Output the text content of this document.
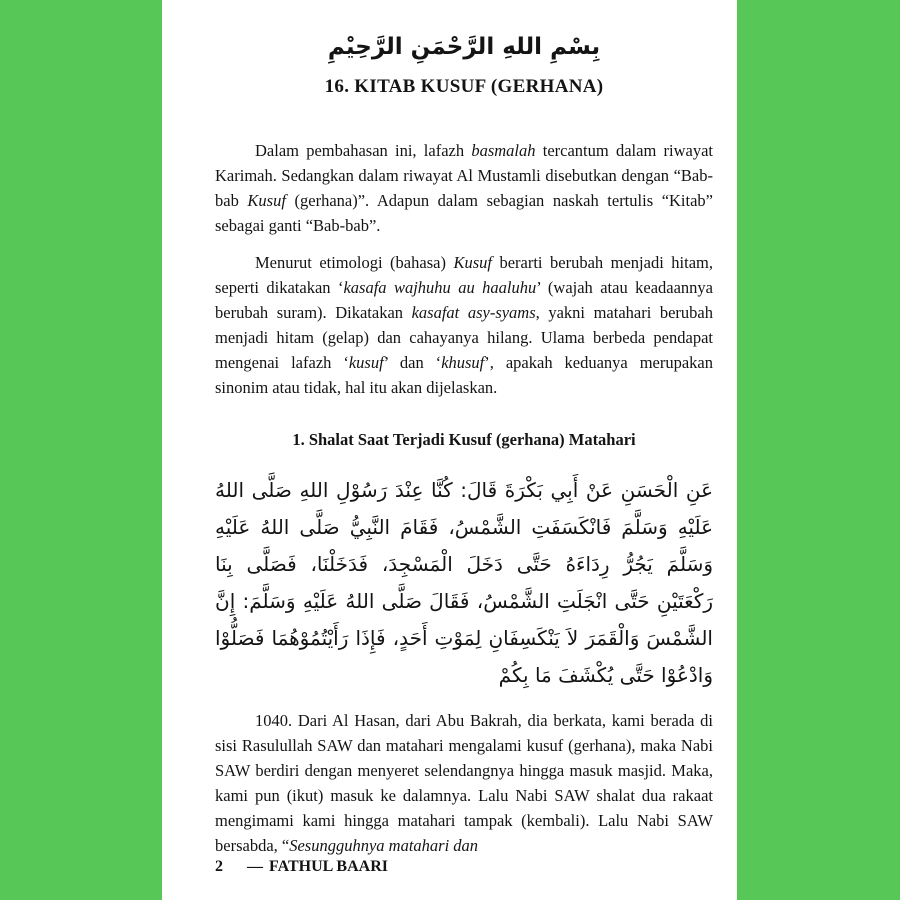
بِسْمِ اللهِ الرَّحْمَنِ الرَّحِيْمِ
16. KITAB KUSUF (GERHANA)

Dalam pembahasan ini, lafazh basmalah tercantum dalam riwayat Karimah. Sedangkan dalam riwayat Al Mustamli disebutkan dengan “Bab-bab Kusuf (gerhana)”. Adapun dalam sebagian naskah tertulis “Kitab” sebagai ganti “Bab-bab”.

Menurut etimologi (bahasa) Kusuf berarti berubah menjadi hitam, seperti dikatakan ‘kasafa wajhuhu au haaluhu’ (wajah atau keadaannya berubah suram). Dikatakan kasafat asy-syams, yakni matahari berubah menjadi hitam (gelap) dan cahayanya hilang. Ulama berbeda pendapat mengenai lafazh ‘kusuf’ dan ‘khusuf’, apakah keduanya merupakan sinonim atau tidak, hal itu akan dijelaskan.

1. Shalat Saat Terjadi Kusuf (gerhana) Matahari
عَنِ الْحَسَنِ عَنْ أَبِي بَكْرَةَ قَالَ: كُنَّا عِنْدَ رَسُوْلِ اللهِ صَلَّى اللهُ عَلَيْهِ وَسَلَّمَ فَانْكَسَفَتِ الشَّمْسُ، فَقَامَ النَّبِيُّ صَلَّى اللهُ عَلَيْهِ وَسَلَّمَ يَجُرُّ رِدَاءَهُ حَتَّى دَخَلَ الْمَسْجِدَ، فَدَخَلْنَا، فَصَلَّى بِنَا رَكْعَتَيْنِ حَتَّى انْجَلَتِ الشَّمْسُ، فَقَالَ صَلَّى اللهُ عَلَيْهِ وَسَلَّمَ: إِنَّ الشَّمْسَ وَالْقَمَرَ لاَ يَنْكَسِفَانِ لِمَوْتِ أَحَدٍ، فَإِذَا رَأَيْتُمُوْهُمَا فَصَلُّوْا وَادْعُوْا حَتَّى يُكْشَفَ مَا بِكُمْ

1040. Dari Al Hasan, dari Abu Bakrah, dia berkata, kami berada di sisi Rasulullah SAW dan matahari mengalami kusuf (gerhana), maka Nabi SAW berdiri dengan menyeret selendangnya hingga masuk masjid. Maka, kami pun (ikut) masuk ke dalamnya. Lalu Nabi SAW shalat dua rakaat mengimami kami hingga matahari tampak (kembali). Lalu Nabi SAW bersabda, “Sesungguhnya matahari dan

2 — FATHUL BAARI
